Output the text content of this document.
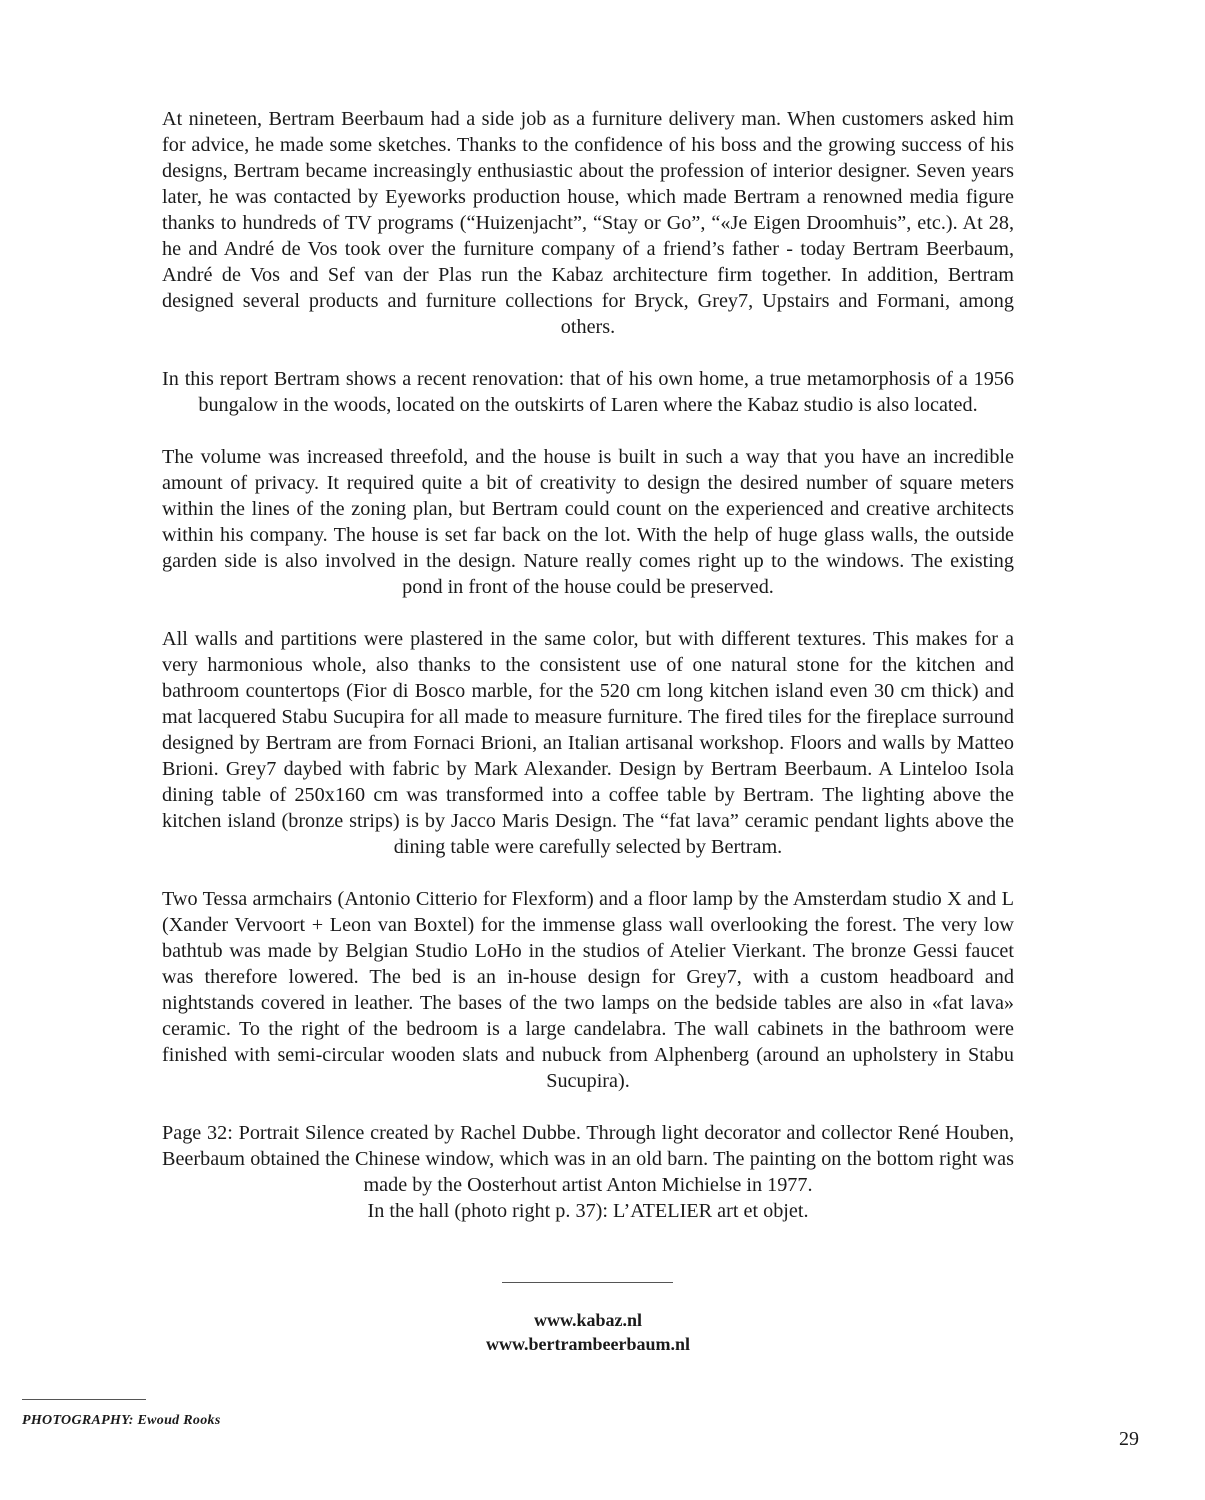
At nineteen, Bertram Beerbaum had a side job as a furniture delivery man. When customers asked him for advice, he made some sketches. Thanks to the confidence of his boss and the growing success of his designs, Bertram became increasingly enthusiastic about the profession of interior designer. Seven years later, he was contacted by Eyeworks production house, which made Bertram a renowned media figure thanks to hundreds of TV programs (“Huizenjacht”, “Stay or Go”, “«Je Eigen Droomhuis”, etc.). At 28, he and André de Vos took over the furniture company of a friend’s father - today Bertram Beerbaum, André de Vos and Sef van der Plas run the Kabaz architecture firm together. In addition, Bertram designed several products and furniture collections for Bryck, Grey7, Upstairs and Formani, among others.

In this report Bertram shows a recent renovation: that of his own home, a true metamorphosis of a 1956 bungalow in the woods, located on the outskirts of Laren where the Kabaz studio is also located.

The volume was increased threefold, and the house is built in such a way that you have an incredible amount of privacy. It required quite a bit of creativity to design the desired number of square meters within the lines of the zoning plan, but Bertram could count on the experienced and creative architects within his company. The house is set far back on the lot. With the help of huge glass walls, the outside garden side is also involved in the design. Nature really comes right up to the windows. The existing pond in front of the house could be preserved.

All walls and partitions were plastered in the same color, but with different textures. This makes for a very harmonious whole, also thanks to the consistent use of one natural stone for the kitchen and bathroom countertops (Fior di Bosco marble, for the 520 cm long kitchen island even 30 cm thick) and mat lacquered Stabu Sucupira for all made to measure furniture. The fired tiles for the fireplace surround designed by Bertram are from Fornaci Brioni, an Italian artisanal workshop. Floors and walls by Matteo Brioni. Grey7 daybed with fabric by Mark Alexander. Design by Bertram Beerbaum. A Linteloo Isola dining table of 250x160 cm was transformed into a coffee table by Bertram. The lighting above the kitchen island (bronze strips) is by Jacco Maris Design. The “fat lava” ceramic pendant lights above the dining table were carefully selected by Bertram.

Two Tessa armchairs (Antonio Citterio for Flexform) and a floor lamp by the Amsterdam studio X and L (Xander Vervoort + Leon van Boxtel) for the immense glass wall overlooking the forest. The very low bathtub was made by Belgian Studio LoHo in the studios of Atelier Vierkant. The bronze Gessi faucet was therefore lowered. The bed is an in-house design for Grey7, with a custom headboard and nightstands covered in leather. The bases of the two lamps on the bedside tables are also in «fat lava» ceramic. To the right of the bedroom is a large candelabra. The wall cabinets in the bathroom were finished with semi-circular wooden slats and nubuck from Alphenberg (around an upholstery in Stabu Sucupira).

Page 32: Portrait Silence created by Rachel Dubbe. Through light decorator and collector René Houben, Beerbaum obtained the Chinese window, which was in an old barn. The painting on the bottom right was made by the Oosterhout artist Anton Michielse in 1977.
In the hall (photo right p. 37): L’ATELIER art et objet.

www.kabaz.nl
www.bertrambeerbaum.nl
PHOTOGRAPHY: Ewoud Rooks
29
